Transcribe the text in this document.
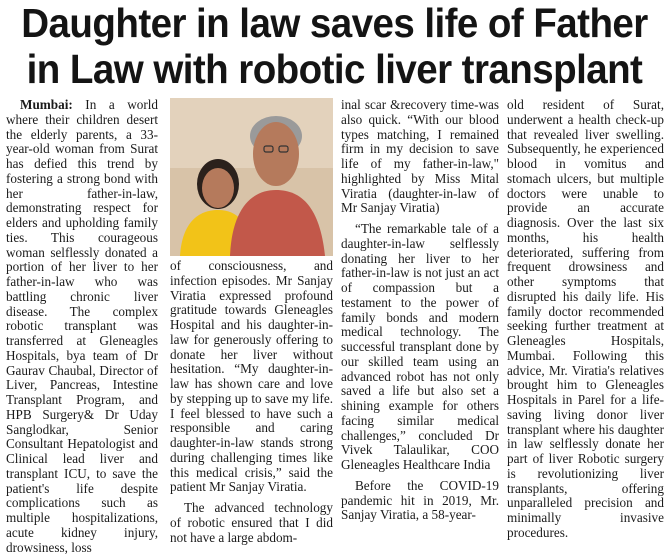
Daughter in law saves life of Father
in Law with robotic liver transplant

Mumbai: In a world where their children desert the elderly parents, a 33-year-old woman from Surat has defied this trend by fostering a strong bond with her father-in-law, demonstrating respect for elders and upholding family ties. This courageous woman selflessly donated a portion of her liver to her father-in-law who was battling chronic liver disease. The complex robotic transplant was transferred at Gleneagles Hospitals, bya team of Dr Gaurav Chaubal, Director of Liver, Pancreas, Intestine Transplant Program, and HPB Surgery& Dr Uday Sanglodkar, Senior Consultant Hepatologist and Clinical lead liver and transplant ICU, to save the patient's life despite complications such as multiple hospitalizations, acute kidney injury, drowsiness, loss

of consciousness, and infection episodes. Mr Sanjay Viratia expressed profound gratitude towards Gleneagles Hospital and his daughter-in-law for generously offering to donate her liver without hesitation. “My daughter-in-law has shown care and love by stepping up to save my life. I feel blessed to have such a responsible and caring daughter-in-law stands strong during challenging times like this medical crisis,” said the patient Mr Sanjay Viratia.

The advanced technology of robotic ensured that I did not have a large abdom-

inal scar &recovery time-was also quick. “With our blood types matching, I remained firm in my decision to save life of my father-in-law," highlighted by Miss Mital Viratia (daughter-in-law of Mr Sanjay Viratia)

“The remarkable tale of a daughter-in-law selflessly donating her liver to her father-in-law is not just an act of compassion but a testament to the power of family bonds and modern medical technology. The successful transplant done by our skilled team using an advanced robot has not only saved a life but also set a shining example for others facing similar medical challenges,” concluded Dr Vivek Talaulikar, COO Gleneagles Healthcare India

Before the COVID-19 pandemic hit in 2019, Mr. Sanjay Viratia, a 58-year-

old resident of Surat, underwent a health check-up that revealed liver swelling. Subsequently, he experienced blood in vomitus and stomach ulcers, but multiple doctors were unable to provide an accurate diagnosis. Over the last six months, his health deteriorated, suffering from frequent drowsiness and other symptoms that disrupted his daily life. His family doctor recommended seeking further treatment at Gleneagles Hospitals, Mumbai. Following this advice, Mr. Viratia's relatives brought him to Gleneagles Hospitals in Parel for a life-saving living donor liver transplant where his daughter in law selflessly donate her part of liver Robotic surgery is revolutionizing liver transplants, offering unparalleled precision and minimally invasive procedures.
